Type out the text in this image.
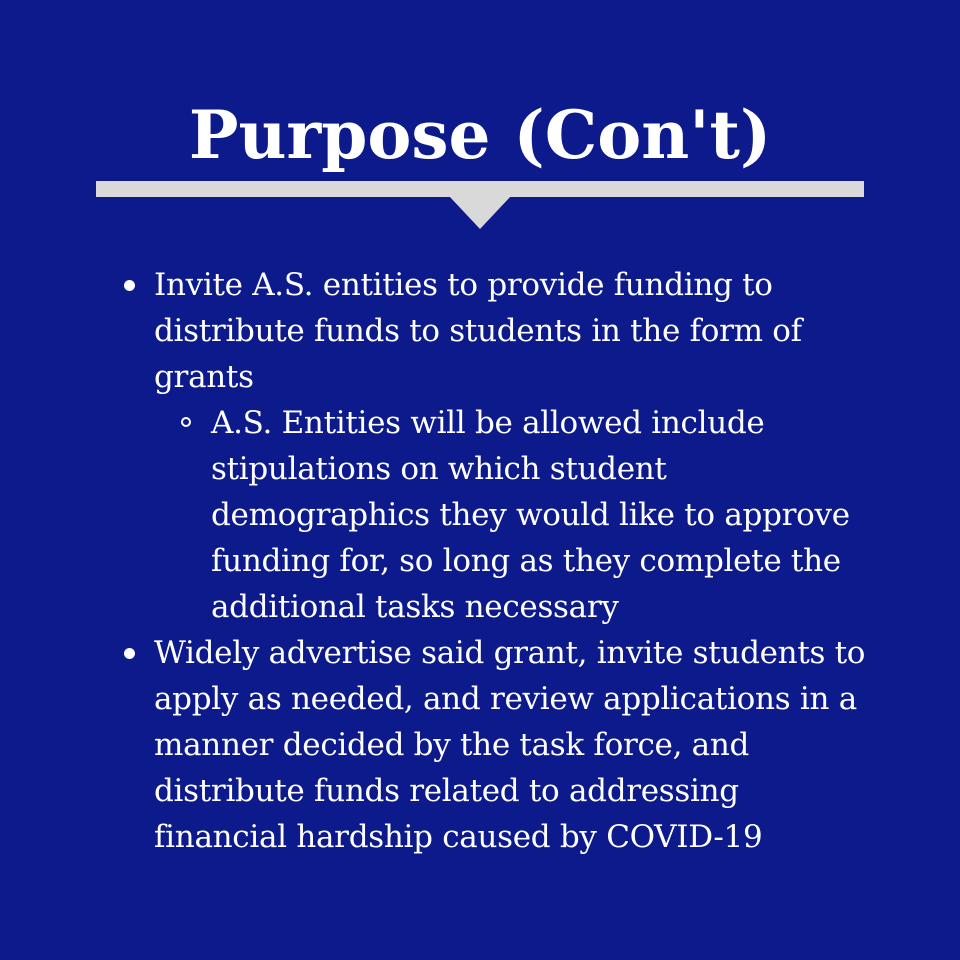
Purpose (Con't)
Invite A.S. entities to provide funding to distribute funds to students in the form of grants
A.S. Entities will be allowed include stipulations on which student demographics they would like to approve funding for, so long as they complete the additional tasks necessary
Widely advertise said grant, invite students to apply as needed, and review applications in a manner decided by the task force, and distribute funds related to addressing financial hardship caused by COVID-19
